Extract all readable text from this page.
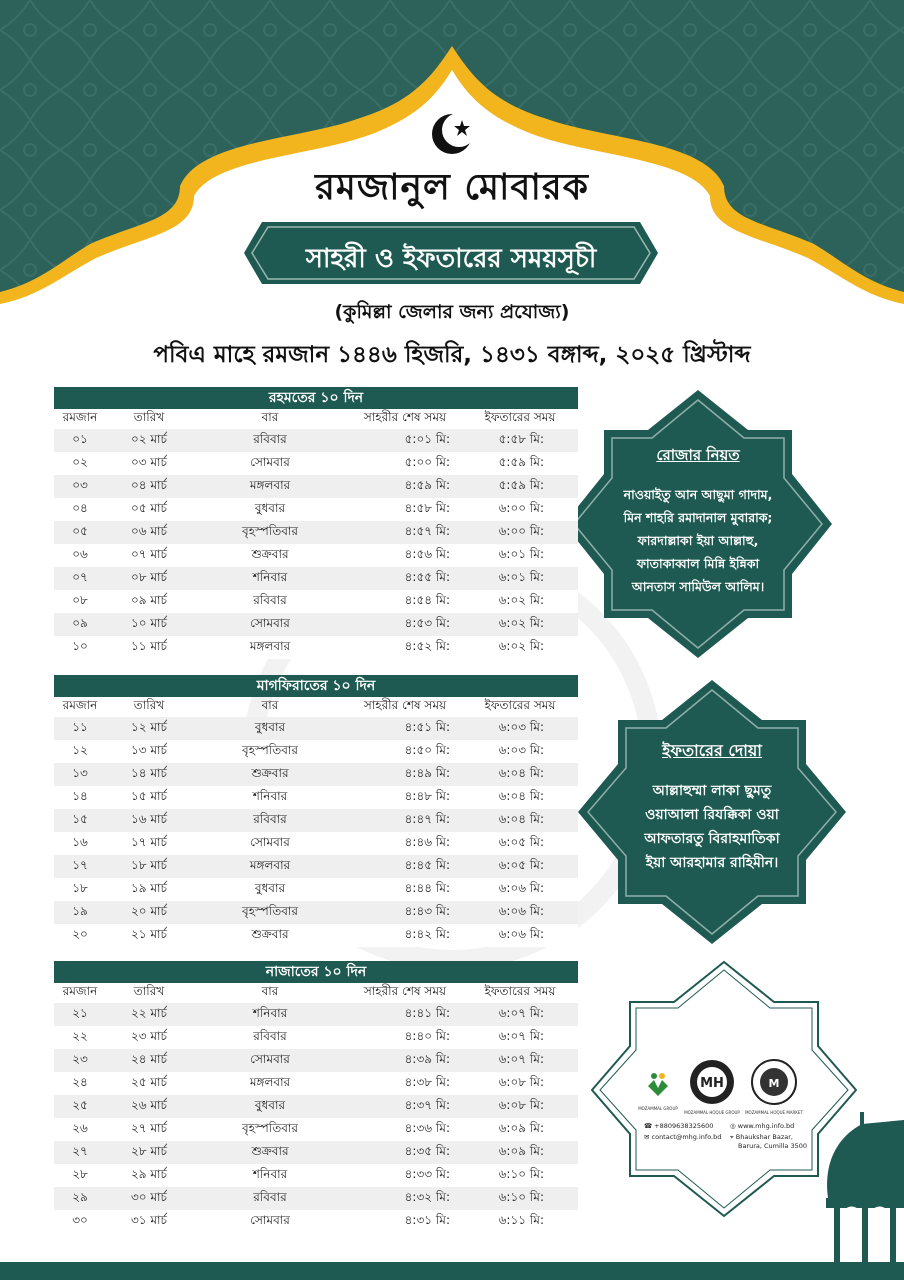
রমজানুল মোবারক
সাহরী ও ইফতারের সময়সূচী
(কুমিল্লা জেলার জন্য প্রযোজ্য)
পবিএ মাহে রমজান ১৪৪৬ হিজরি, ১৪৩১ বঙ্গাব্দ, ২০২৫ খ্রিস্টাব্দ
রহমতের ১০ দিন
রমজান	তারিখ	বার	সাহরীর শেষ সময়	ইফতারের সময়
০১	০২ মার্চ	রবিবার	৫:০১ মি:	৫:৫৮ মি:
০২	০৩ মার্চ	সোমবার	৫:০০ মি:	৫:৫৯ মি:
০৩	০৪ মার্চ	মঙ্গলবার	৪:৫৯ মি:	৫:৫৯ মি:
০৪	০৫ মার্চ	বুধবার	৪:৫৮ মি:	৬:০০ মি:
০৫	০৬ মার্চ	বৃহস্পতিবার	৪:৫৭ মি:	৬:০০ মি:
০৬	০৭ মার্চ	শুক্রবার	৪:৫৬ মি:	৬:০১ মি:
০৭	০৮ মার্চ	শনিবার	৪:৫৫ মি:	৬:০১ মি:
০৮	০৯ মার্চ	রবিবার	৪:৫৪ মি:	৬:০২ মি:
০৯	১০ মার্চ	সোমবার	৪:৫৩ মি:	৬:০২ মি:
১০	১১ মার্চ	মঙ্গলবার	৪:৫২ মি:	৬:০২ মি:
মাগফিরাতের ১০ দিন
রমজান	তারিখ	বার	সাহরীর শেষ সময়	ইফতারের সময়
১১	১২ মার্চ	বুধবার	৪:৫১ মি:	৬:০৩ মি:
১২	১৩ মার্চ	বৃহস্পতিবার	৪:৫০ মি:	৬:০৩ মি:
১৩	১৪ মার্চ	শুক্রবার	৪:৪৯ মি:	৬:০৪ মি:
১৪	১৫ মার্চ	শনিবার	৪:৪৮ মি:	৬:০৪ মি:
১৫	১৬ মার্চ	রবিবার	৪:৪৭ মি:	৬:০৪ মি:
১৬	১৭ মার্চ	সোমবার	৪:৪৬ মি:	৬:০৫ মি:
১৭	১৮ মার্চ	মঙ্গলবার	৪:৪৫ মি:	৬:০৫ মি:
১৮	১৯ মার্চ	বুধবার	৪:৪৪ মি:	৬:০৬ মি:
১৯	২০ মার্চ	বৃহস্পতিবার	৪:৪৩ মি:	৬:০৬ মি:
২০	২১ মার্চ	শুক্রবার	৪:৪২ মি:	৬:০৬ মি:
নাজাতের ১০ দিন
রমজান	তারিখ	বার	সাহরীর শেষ সময়	ইফতারের সময়
২১	২২ মার্চ	শনিবার	৪:৪১ মি:	৬:০৭ মি:
২২	২৩ মার্চ	রবিবার	৪:৪০ মি:	৬:০৭ মি:
২৩	২৪ মার্চ	সোমবার	৪:৩৯ মি:	৬:০৭ মি:
২৪	২৫ মার্চ	মঙ্গলবার	৪:৩৮ মি:	৬:০৮ মি:
২৫	২৬ মার্চ	বুধবার	৪:৩৭ মি:	৬:০৮ মি:
২৬	২৭ মার্চ	বৃহস্পতিবার	৪:৩৬ মি:	৬:০৯ মি:
২৭	২৮ মার্চ	শুক্রবার	৪:৩৫ মি:	৬:০৯ মি:
২৮	২৯ মার্চ	শনিবার	৪:৩৩ মি:	৬:১০ মি:
২৯	৩০ মার্চ	রবিবার	৪:৩২ মি:	৬:১০ মি:
৩০	৩১ মার্চ	সোমবার	৪:৩১ মি:	৬:১১ মি:
রোজার নিয়ত
নাওয়াইতু আন আছুমা গাদাম,
মিন শাহরি রমাদানাল মুবারাক;
ফারদাল্লাকা ইয়া আল্লাহু,
ফাতাকাব্বাল মিন্নি ইন্নিকা
আনতাস সামিউল আলিম।
ইফতারের দোয়া
আল্লাহুম্মা লাকা ছুমতু
ওয়াআলা রিযক্কিকা ওয়া
আফতারতু বিরাহমাতিকা
ইয়া আরহামার রাহিমীন।
MOZAMMAL GROUP
MH
MOZAMMAL HOQUE GROUP
M
MOZAMMAL HOQUE MARKET
☎ +8809638325600
✉ contact@mhg.info.bd
◎ www.mhg.info.bd
⌖ Bhaukshar Bazar,
Barura, Cumilla 3500
